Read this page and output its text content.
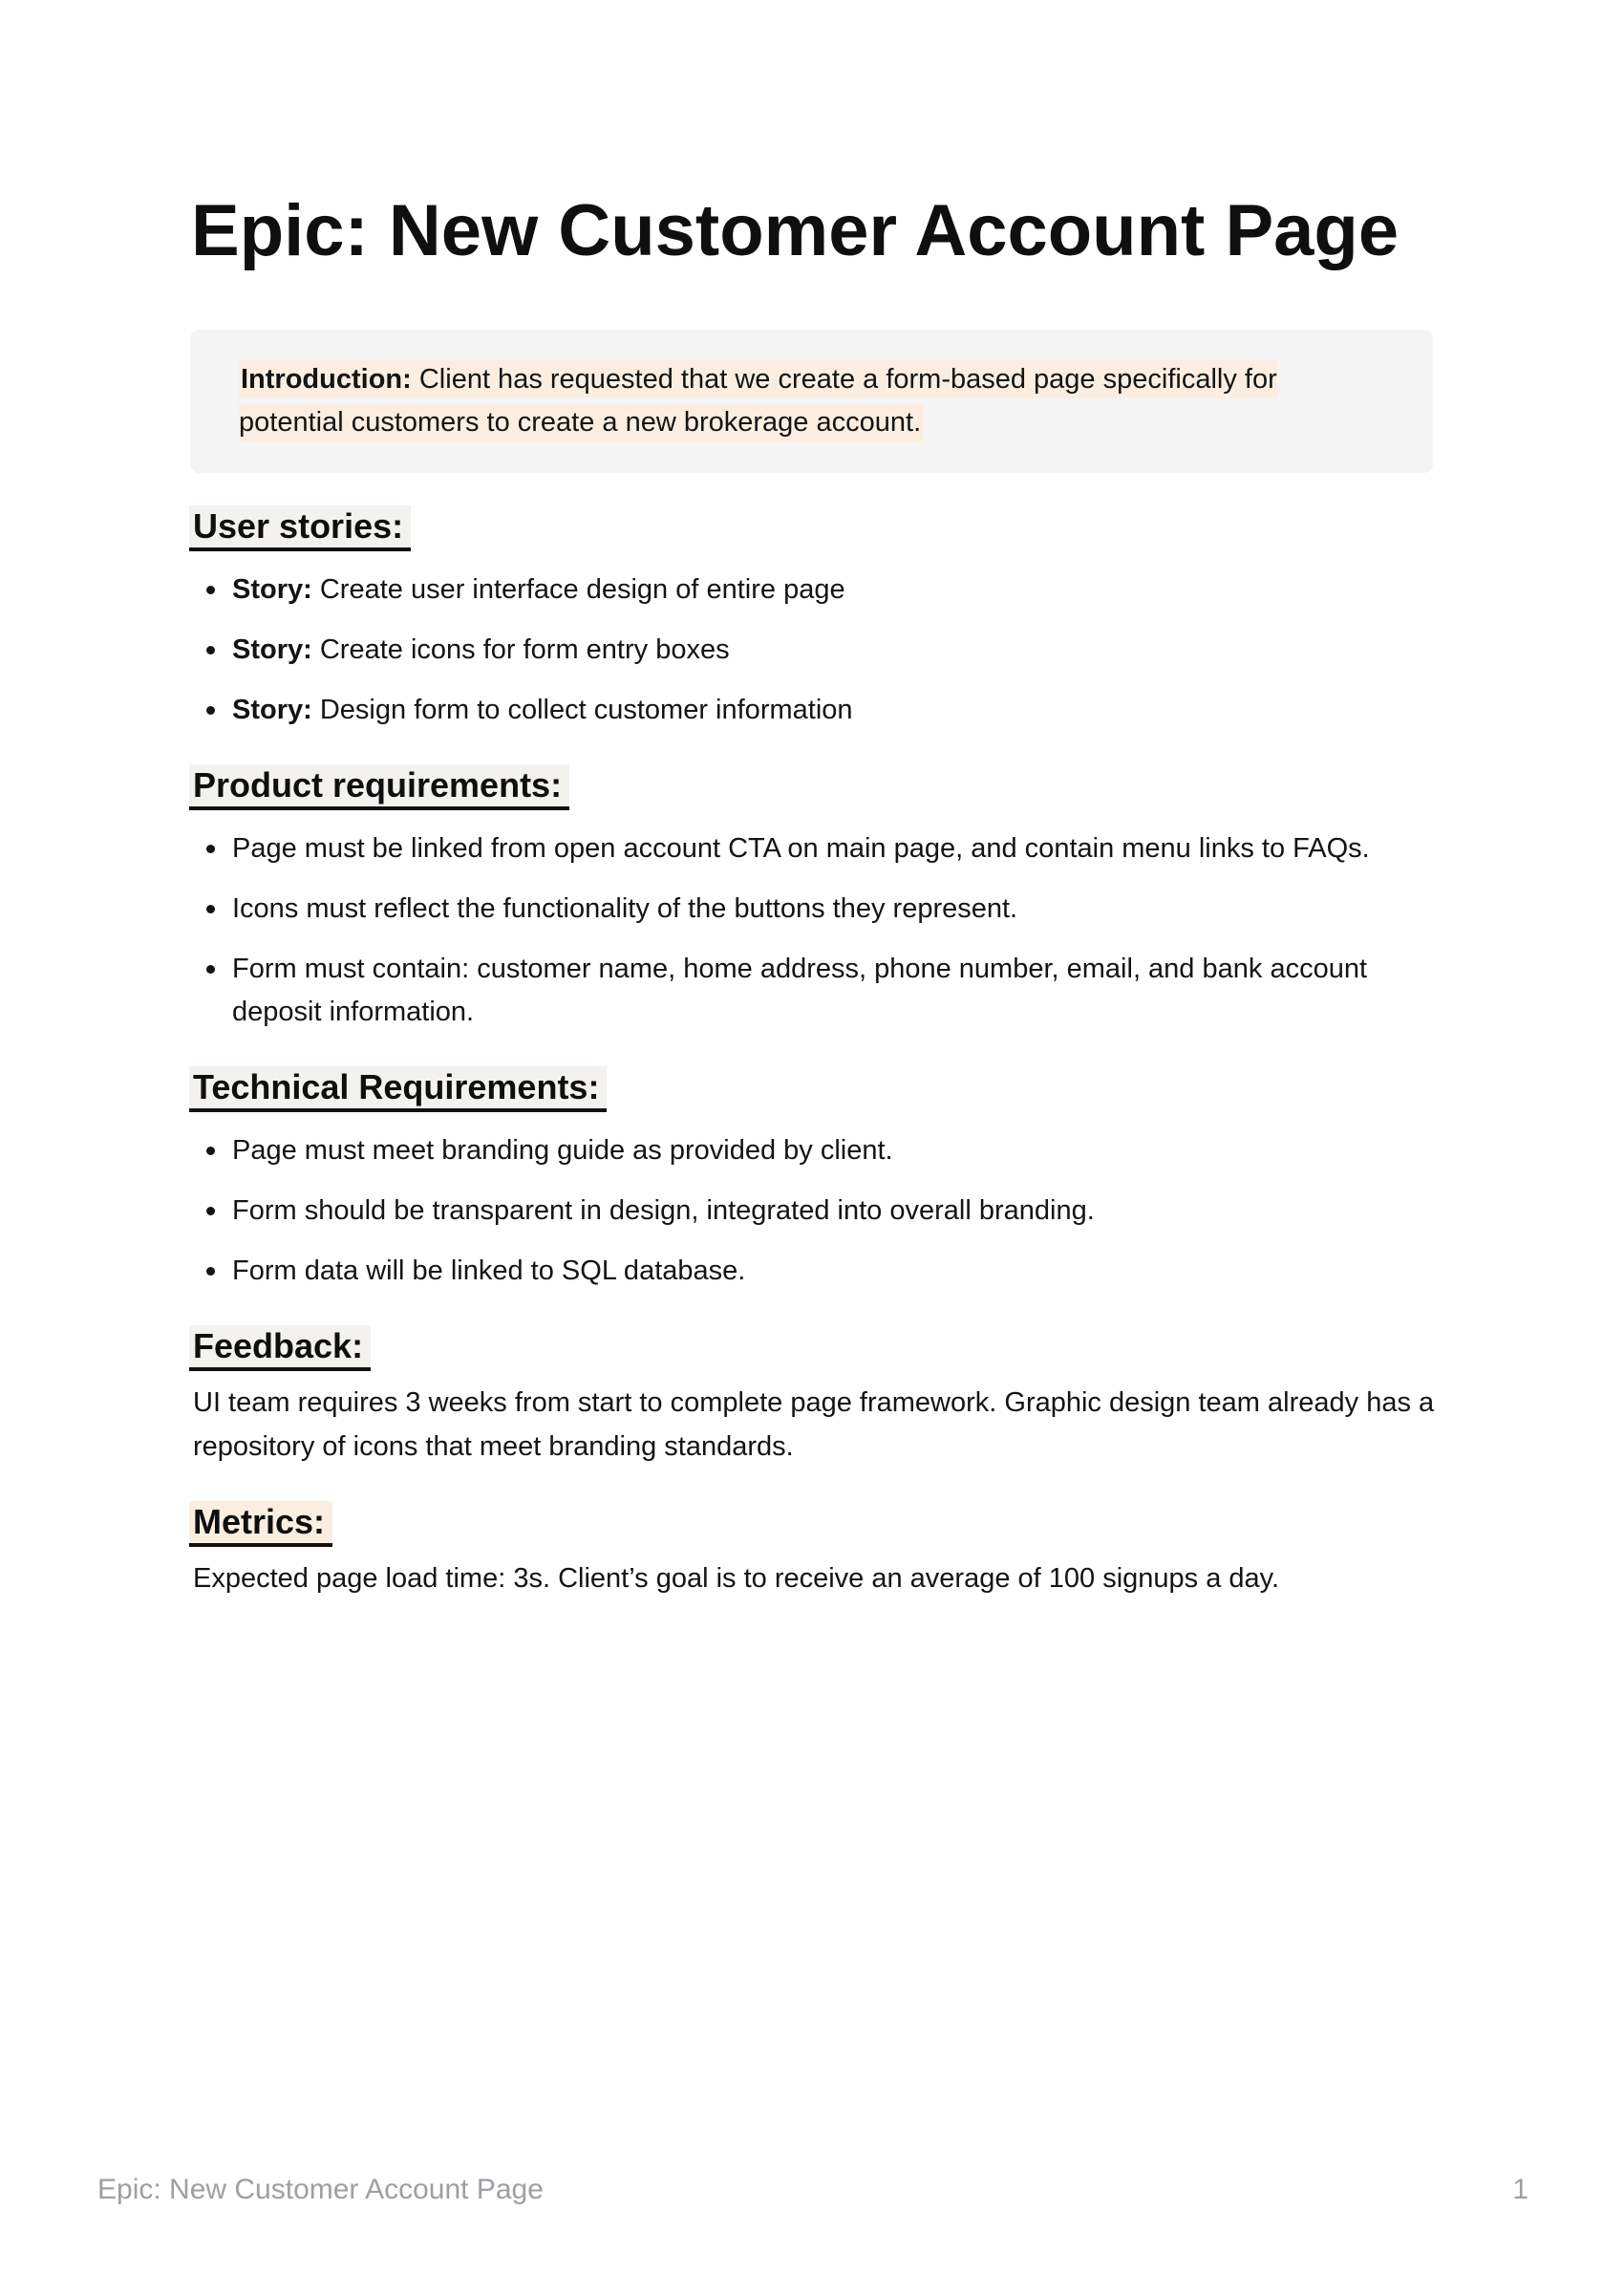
Epic: New Customer Account Page

Introduction: Client has requested that we create a form-based page specifically for potential customers to create a new brokerage account.

User stories:
Story: Create user interface design of entire page
Story: Create icons for form entry boxes
Story: Design form to collect customer information
Product requirements:
Page must be linked from open account CTA on main page, and contain menu links to FAQs.
Icons must reflect the functionality of the buttons they represent.
Form must contain: customer name, home address, phone number, email, and bank account deposit information.
Technical Requirements:
Page must meet branding guide as provided by client.
Form should be transparent in design, integrated into overall branding.
Form data will be linked to SQL database.
Feedback:

UI team requires 3 weeks from start to complete page framework. Graphic design team already has a repository of icons that meet branding standards.

Metrics:

Expected page load time: 3s. Client’s goal is to receive an average of 100 signups a day.

Epic: New Customer Account Page	1
